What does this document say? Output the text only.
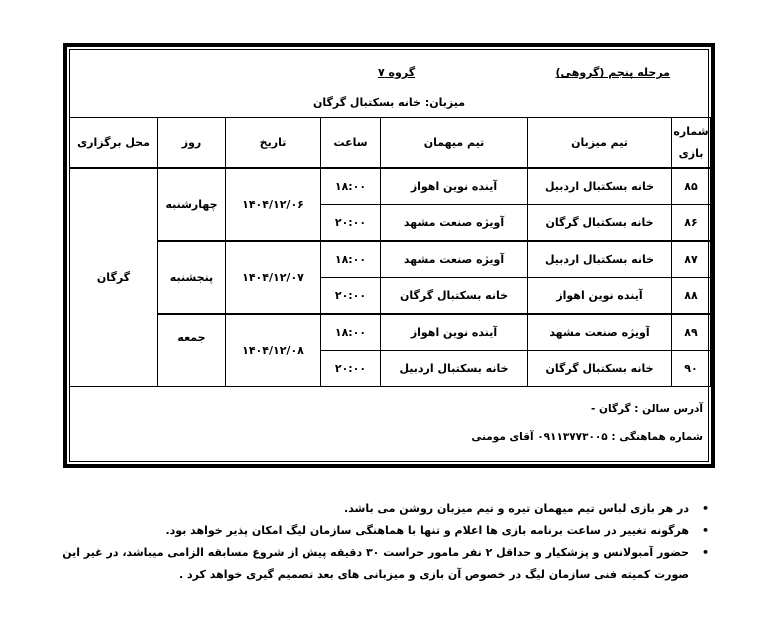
مرحله پنجم (گروهی)
گروه ۷
میزبان: خانه بسکتبال گرگان
شماره بازی	تیم میزبان	تیم میهمان	ساعت	تاریخ	روز	محل برگزاری
۸۵	خانه بسکتبال اردبیل	آینده نوین اهواز	۱۸:۰۰	۱۴۰۴/۱۲/۰۶	چهارشنبه	گرگان
۸۶	خانه بسکتبال گرگان	آویژه صنعت مشهد	۲۰:۰۰			
۸۷	خانه بسکتبال اردبیل	آویژه صنعت مشهد	۱۸:۰۰	۱۴۰۴/۱۲/۰۷	پنجشنبه	
۸۸	آینده نوین اهواز	خانه بسکتبال گرگان	۲۰:۰۰			
۸۹	آویژه صنعت مشهد	آینده نوین اهواز	۱۸:۰۰	۱۴۰۴/۱۲/۰۸	جمعه	
۹۰	خانه بسکتبال گرگان	خانه بسکتبال اردبیل	۲۰:۰۰			
آدرس سالن : گرگان -
شماره هماهنگی : ۰۹۱۱۳۷۷۳۰۰۵ آقای مومنی
•
در هر بازی لباس تیم میهمان تیره و تیم میزبان روشن می باشد.
•
هرگونه تغییر در ساعت برنامه بازی ها اعلام و تنها با هماهنگی سازمان لیگ امکان پذیر خواهد بود.
•
حضور آمبولانس و پزشکیار و حداقل ۲ نفر مامور حراست ۳۰ دقیقه پیش از شروع مسابقه الزامی میباشد، در غیر این صورت کمیته فنی سازمان لیگ در خصوص آن بازی و میزبانی های بعد تصمیم گیری خواهد کرد .
